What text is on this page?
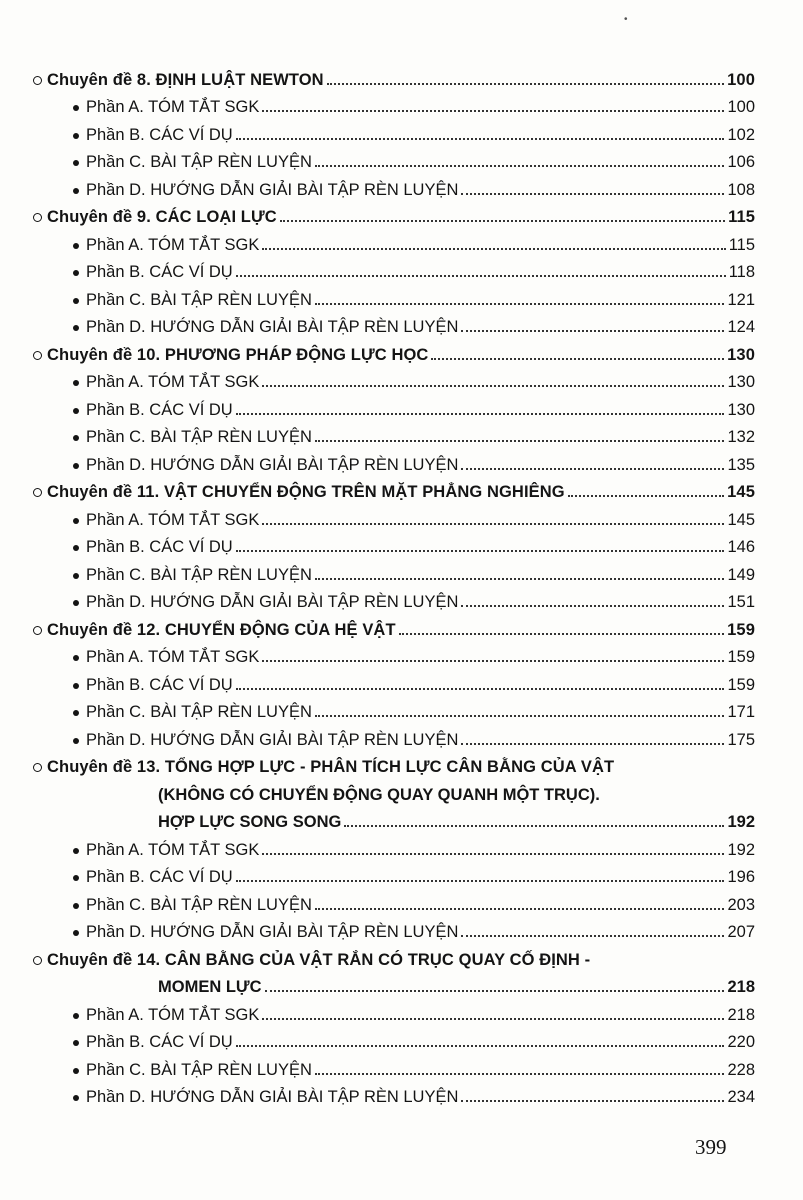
•
Chuyên đề 8.
ĐỊNH LUẬT NEWTON	100
Phần A. TÓM TẮT SGK	100
Phần B. CÁC VÍ DỤ	102
Phần C. BÀI TẬP RÈN LUYỆN	106
Phần D. HƯỚNG DẪN GIẢI BÀI TẬP RÈN LUYỆN	108
Chuyên đề 9.
CÁC LOẠI LỰC	115
Phần A. TÓM TẮT SGK	115
Phần B. CÁC VÍ DỤ	118
Phần C. BÀI TẬP RÈN LUYỆN	121
Phần D. HƯỚNG DẪN GIẢI BÀI TẬP RÈN LUYỆN	124
Chuyên đề 10.
PHƯƠNG PHÁP ĐỘNG LỰC HỌC	130
Phần A. TÓM TẮT SGK	130
Phần B. CÁC VÍ DỤ	130
Phần C. BÀI TẬP RÈN LUYỆN	132
Phần D. HƯỚNG DẪN GIẢI BÀI TẬP RÈN LUYỆN	135
Chuyên đề 11.
VẬT CHUYỂN ĐỘNG TRÊN MẶT PHẲNG NGHIÊNG	145
Phần A. TÓM TẮT SGK	145
Phần B. CÁC VÍ DỤ	146
Phần C. BÀI TẬP RÈN LUYỆN	149
Phần D. HƯỚNG DẪN GIẢI BÀI TẬP RÈN LUYỆN	151
Chuyên đề 12.
CHUYỂN ĐỘNG CỦA HỆ VẬT	159
Phần A. TÓM TẮT SGK	159
Phần B. CÁC VÍ DỤ	159
Phần C. BÀI TẬP RÈN LUYỆN	171
Phần D. HƯỚNG DẪN GIẢI BÀI TẬP RÈN LUYỆN	175
Chuyên đề 13.
TỔNG HỢP LỰC - PHÂN TÍCH LỰC CÂN BẰNG CỦA VẬT
(KHÔNG CÓ CHUYỂN ĐỘNG QUAY QUANH MỘT TRỤC).
HỢP LỰC SONG SONG	192
Phần A. TÓM TẮT SGK	192
Phần B. CÁC VÍ DỤ	196
Phần C. BÀI TẬP RÈN LUYỆN	203
Phần D. HƯỚNG DẪN GIẢI BÀI TẬP RÈN LUYỆN	207
Chuyên đề 14.
CÂN BẰNG CỦA VẬT RẮN CÓ TRỤC QUAY CỐ ĐỊNH -
MOMEN LỰC	218
Phần A. TÓM TẮT SGK	218
Phần B. CÁC VÍ DỤ	220
Phần C. BÀI TẬP RÈN LUYỆN	228
Phần D. HƯỚNG DẪN GIẢI BÀI TẬP RÈN LUYỆN	234
399
